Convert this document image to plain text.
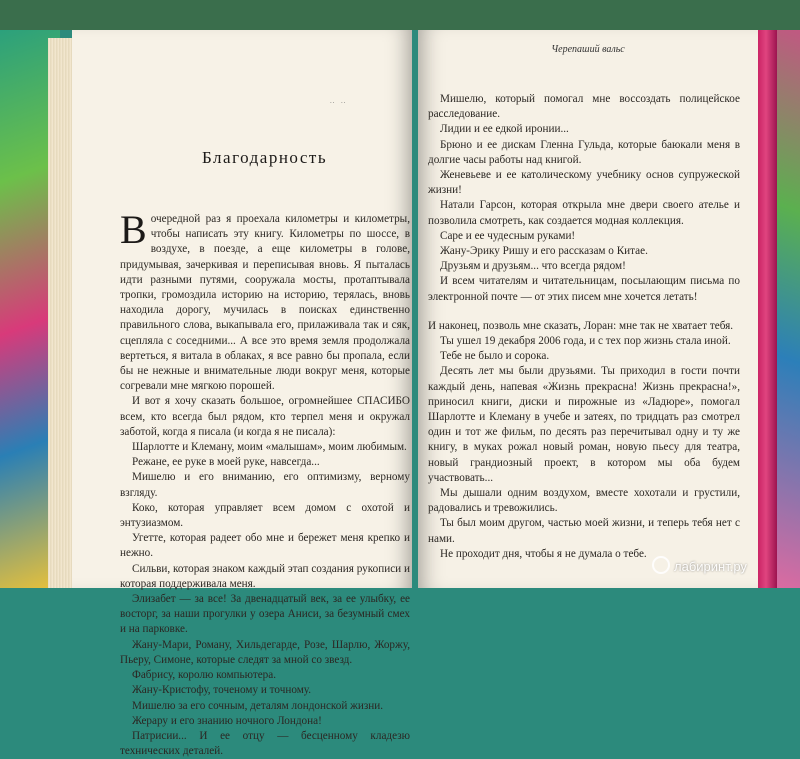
..  ..
Благодарность

Вочередной раз я проехала километры и километры, чтобы написать эту книгу. Километры по шоссе, в воздухе, в поезде, а еще километры в голове, придумывая, зачеркивая и переписывая вновь. Я пыталась идти разными путями, сооружала мосты, протаптывала тропки, громоздила историю на историю, терялась, вновь находила дорогу, мучилась в поисках единственно правильного слова, выкапывала его, прилаживала так и сяк, сцепляла с соседними... А все это время земля продолжала вертеться, я витала в облаках, я все равно бы пропала, если бы не нежные и внимательные люди вокруг меня, которые согревали мне мягкою порошей.

И вот я хочу сказать большое, огромнейшее СПАСИБО всем, кто всегда был рядом, кто терпел меня и окружал заботой, когда я писала (и когда я не писала):

Шарлотте и Клеману, моим «малышам», моим любимым.

Режане, ее руке в моей руке, навсегда...

Мишелю и его вниманию, его оптимизму, верному взгляду.

Коко, которая управляет всем домом с охотой и энтузиазмом.

Угетте, которая радеет обо мне и бережет меня крепко и нежно.

Сильви, которая знаком каждый этап создания рукописи и которая поддерживала меня.

Элизабет — за все! За двенадцатый век, за ее улыбку, ее восторг, за наши прогулки у озера Аниси, за безумный смех и на парковке.

Жану-Мари, Роману, Хильдегарде, Розе, Шарлю, Жоржу, Пьеру, Симоне, которые следят за мной со звезд.

Фабрису, королю компьютера.

Жану-Кристофу, точеному и точному.

Мишелю за его сочным, деталям лондонской жизни.

Жерару и его знанию ночного Лондона!

Патрисии... И ее отцу — бесценному кладезю технических деталей.

Черепаший вальс

Мишелю, который помогал мне воссоздать полицейское расследование.

Лидии и ее едкой иронии...

Брюно и ее дискам Гленна Гульда, которые баюкали меня в долгие часы работы над книгой.

Женевьеве и ее католическому учебнику основ супружеской жизни!

Натали Гарсон, которая открыла мне двери своего ателье и позволила смотреть, как создается модная коллекция.

Саре и ее чудесным руками!

Жану-Эрику Ришу и его рассказам о Китае.

Друзьям и друзьям... что всегда рядом!

И всем читателям и читательницам, посылающим письма по электронной почте — от этих писем мне хочется летать!

И наконец, позволь мне сказать, Лоран: мне так не хватает тебя.

Ты ушел 19 декабря 2006 года, и с тех пор жизнь стала иной.

Тебе не было и сорока.

Десять лет мы были друзьями. Ты приходил в гости почти каждый день, напевая «Жизнь прекрасна! Жизнь прекрасна!», приносил книги, диски и пирожные из «Ладюре», помогал Шарлотте и Клеману в учебе и затеях, по тридцать раз смотрел один и тот же фильм, по десять раз перечитывал одну и ту же книгу, в муках рожал новый роман, новую пьесу для театра, новый грандиозный проект, в котором мы оба будем участвовать...

Мы дышали одним воздухом, вместе хохотали и грустили, радовались и тревожились.

Ты был моим другом, частью моей жизни, и теперь тебя нет с нами.

Не проходит дня, чтобы я не думала о тебе.

лабиринт.ру
